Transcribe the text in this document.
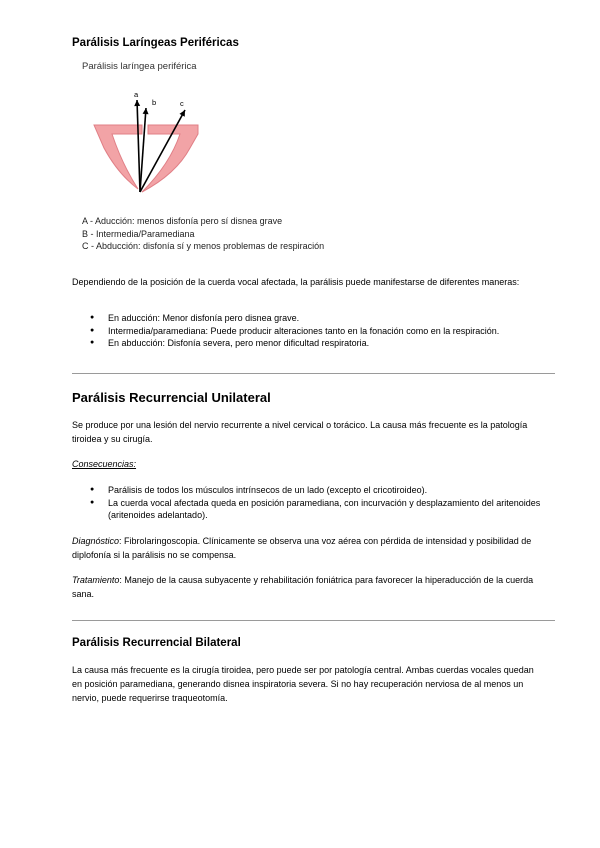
Parálisis Laríngeas Periféricas
Parálisis laríngea periférica
a
b	c
A - Aducción: menos disfonía pero sí disnea grave
B - Intermedia/Paramediana
C - Abducción: disfonía sí y menos problemas de respiración

Dependiendo de la posición de la cuerda vocal afectada, la parálisis puede manifestarse de diferentes maneras:

● En aducción: Menor disfonía pero disnea grave.
● Intermedia/paramediana: Puede producir alteraciones tanto en la fonación como en la respiración.
● En abducción: Disfonía severa, pero menor dificultad respiratoria.
Parálisis Recurrencial Unilateral

Se produce por una lesión del nervio recurrente a nivel cervical o torácico. La causa más frecuente es la patología tiroidea y su cirugía.

Consecuencias:

● Parálisis de todos los músculos intrínsecos de un lado (excepto el cricotiroideo).
● La cuerda vocal afectada queda en posición paramediana, con incurvación y desplazamiento del aritenoides (aritenoides adelantado).

Diagnóstico: Fibrolaringoscopia. Clínicamente se observa una voz aérea con pérdida de intensidad y posibilidad de diplofonía si la parálisis no se compensa.

Tratamiento: Manejo de la causa subyacente y rehabilitación foniátrica para favorecer la hiperaducción de la cuerda sana.

Parálisis Recurrencial Bilateral

La causa más frecuente es la cirugía tiroidea, pero puede ser por patología central. Ambas cuerdas vocales quedan en posición paramediana, generando disnea inspiratoria severa. Si no hay recuperación nerviosa de al menos un nervio, puede requerirse traqueotomía.
